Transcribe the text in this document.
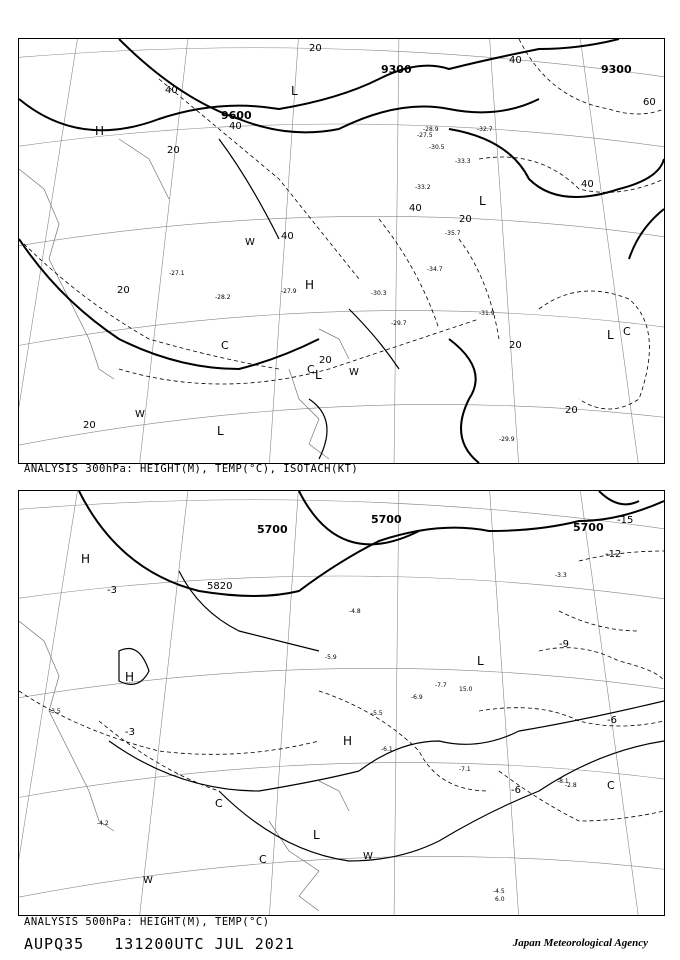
9600
9300	9300
20
20
20
20
20
20
20
20
40
40
40
40
40
40
60
H
H
L
L
L
L
L
C
C
C
W
W
W
-27.1
-27.9
-28.9
-29.7
-31.9
-34.7
-35.7
-33.3
-30.5
-32.7
-28.2
-29.9
-27.5
-33.2
-30.3
ANALYSIS 300hPa: HEIGHT(M), TEMP(°C), ISOTACH(KT)
5700
5700
5700
5820
-3
-3
-6
-6
-9
-12
-15
H
H
H
L
L
C
C
C	W
W
-7.1
-4.5
-6.1
-5.5
-8.1
-4.8
-3.3
-6.9
-7.7
-3.5
-4.2
-2.8
-5.9
15.0
6.0
ANALYSIS 500hPa: HEIGHT(M), TEMP(°C)
AUPQ35 131200UTC JUL 2021	Japan Meteorological Agency
